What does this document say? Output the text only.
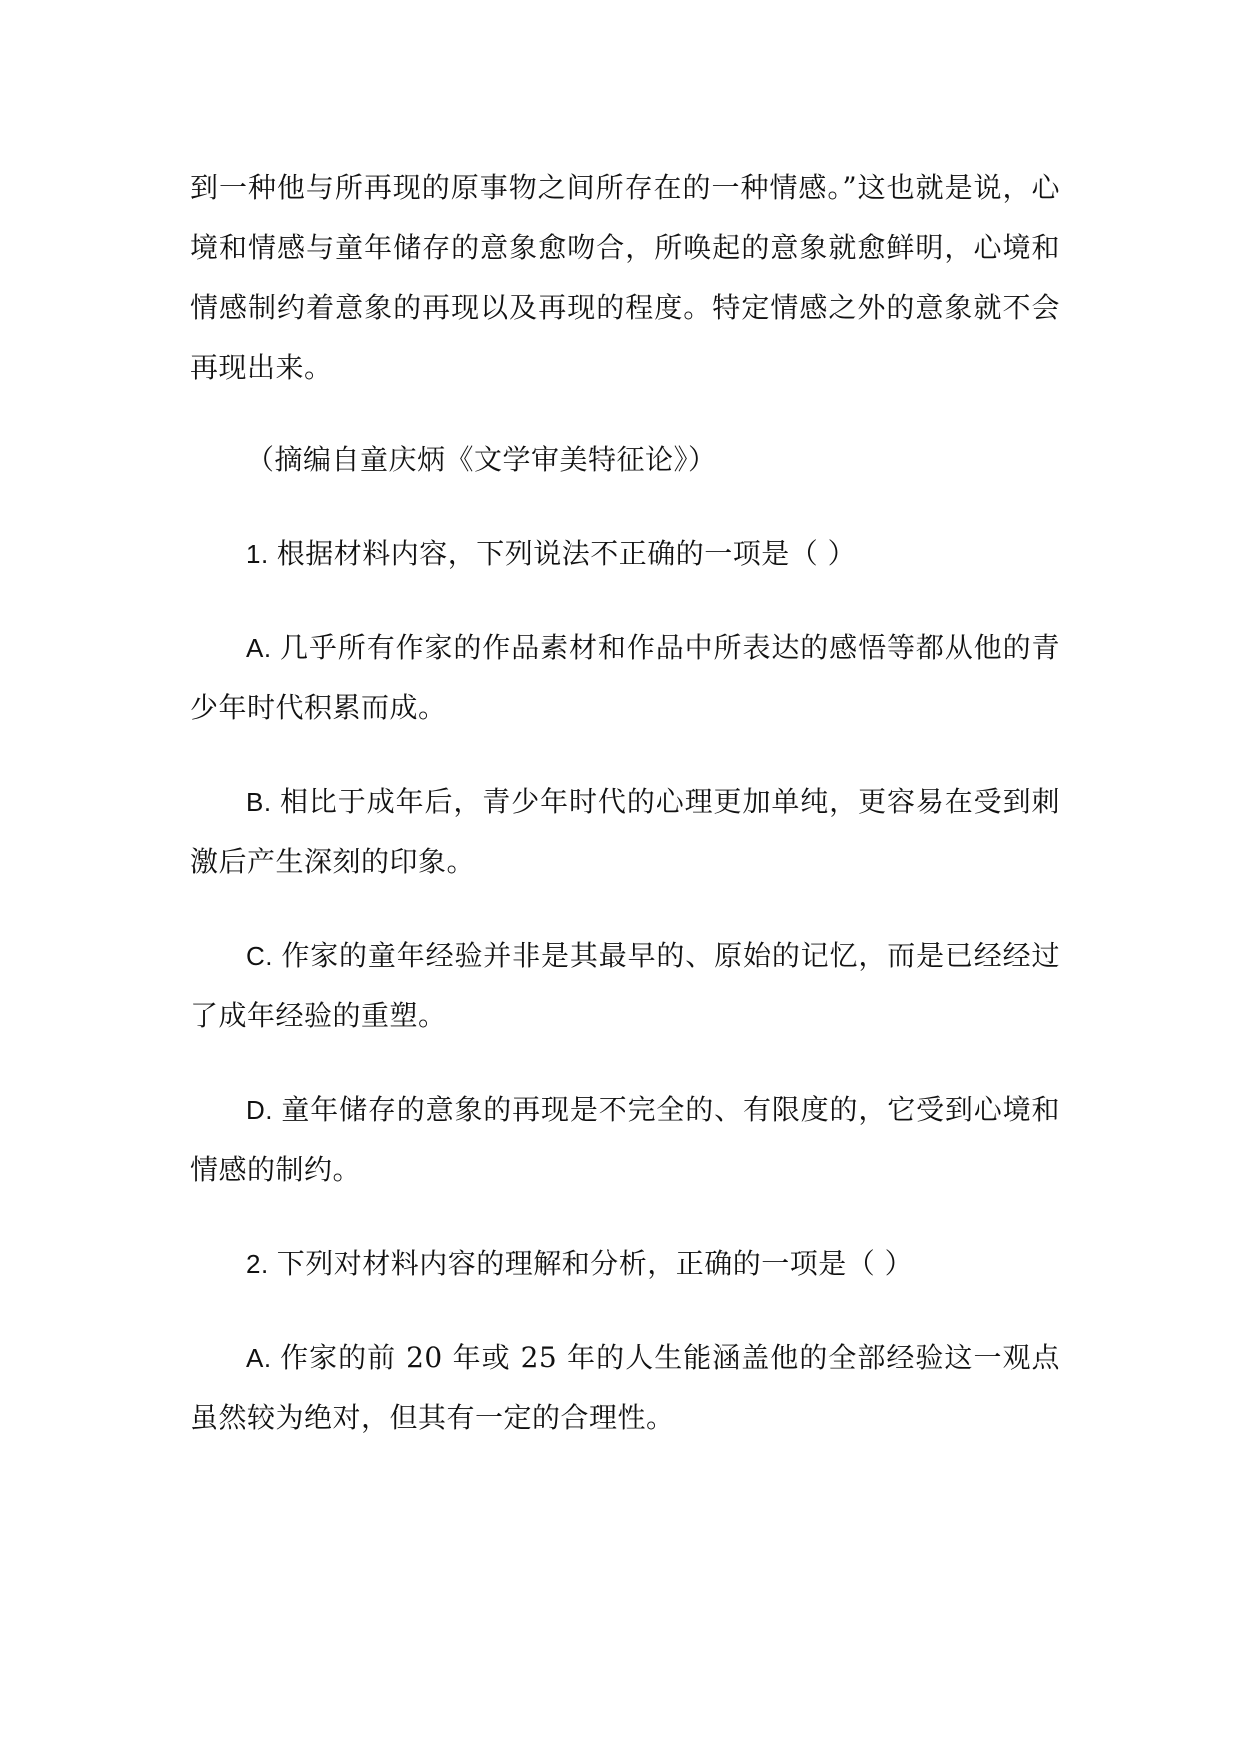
到一种他与所再现的原事物之间所存在的一种情感。”这也就是说，心境和情感与童年储存的意象愈吻合，所唤起的意象就愈鲜明，心境和情感制约着意象的再现以及再现的程度。特定情感之外的意象就不会再现出来。

（摘编自童庆炳《文学审美特征论》）

1. 根据材料内容，下列说法不正确的一项是（ ）

A. 几乎所有作家的作品素材和作品中所表达的感悟等都从他的青少年时代积累而成。

B. 相比于成年后，青少年时代的心理更加单纯，更容易在受到刺激后产生深刻的印象。

C. 作家的童年经验并非是其最早的、原始的记忆，而是已经经过了成年经验的重塑。

D. 童年储存的意象的再现是不完全的、有限度的，它受到心境和情感的制约。

2. 下列对材料内容的理解和分析，正确的一项是（ ）

A. 作家的前 20 年或 25 年的人生能涵盖他的全部经验这一观点虽然较为绝对，但其有一定的合理性。
